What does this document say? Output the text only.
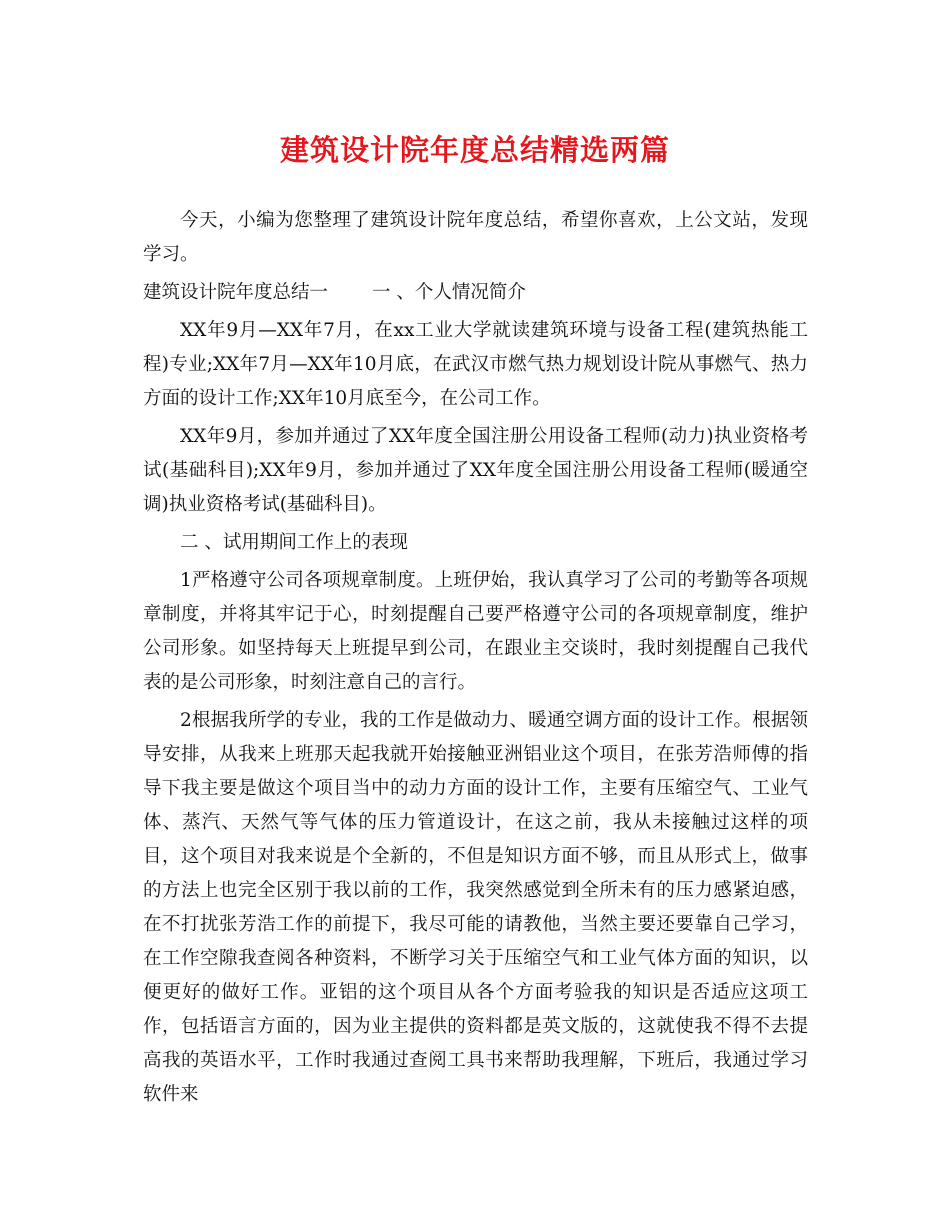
建筑设计院年度总结精选两篇

今天，小编为您整理了建筑设计院年度总结，希望你喜欢，上公文站，发现学习。

建筑设计院年度总结一 一 、个人情况简介

XX年9月—XX年7月，在xx工业大学就读建筑环境与设备工程(建筑热能工程)专业;XX年7月—XX年10月底，在武汉市燃气热力规划设计院从事燃气、热力方面的设计工作;XX年10月底至今，在公司工作。

XX年9月，参加并通过了XX年度全国注册公用设备工程师(动力)执业资格考试(基础科目);XX年9月，参加并通过了XX年度全国注册公用设备工程师(暖通空调)执业资格考试(基础科目)。

二 、试用期间工作上的表现

1严格遵守公司各项规章制度。上班伊始，我认真学习了公司的考勤等各项规章制度，并将其牢记于心，时刻提醒自己要严格遵守公司的各项规章制度，维护公司形象。如坚持每天上班提早到公司，在跟业主交谈时，我时刻提醒自己我代表的是公司形象，时刻注意自己的言行。

2根据我所学的专业，我的工作是做动力、暖通空调方面的设计工作。根据领导安排，从我来上班那天起我就开始接触亚洲铝业这个项目，在张芳浩师傅的指导下我主要是做这个项目当中的动力方面的设计工作，主要有压缩空气、工业气体、蒸汽、天然气等气体的压力管道设计，在这之前，我从未接触过这样的项目，这个项目对我来说是个全新的，不但是知识方面不够，而且从形式上，做事的方法上也完全区别于我以前的工作，我突然感觉到全所未有的压力感紧迫感，在不打扰张芳浩工作的前提下，我尽可能的请教他，当然主要还要靠自己学习，在工作空隙我查阅各种资料，不断学习关于压缩空气和工业气体方面的知识，以便更好的做好工作。亚铝的这个项目从各个方面考验我的知识是否适应这项工作，包括语言方面的，因为业主提供的资料都是英文版的，这就使我不得不去提高我的英语水平，工作时我通过查阅工具书来帮助我理解，下班后，我通过学习软件来
